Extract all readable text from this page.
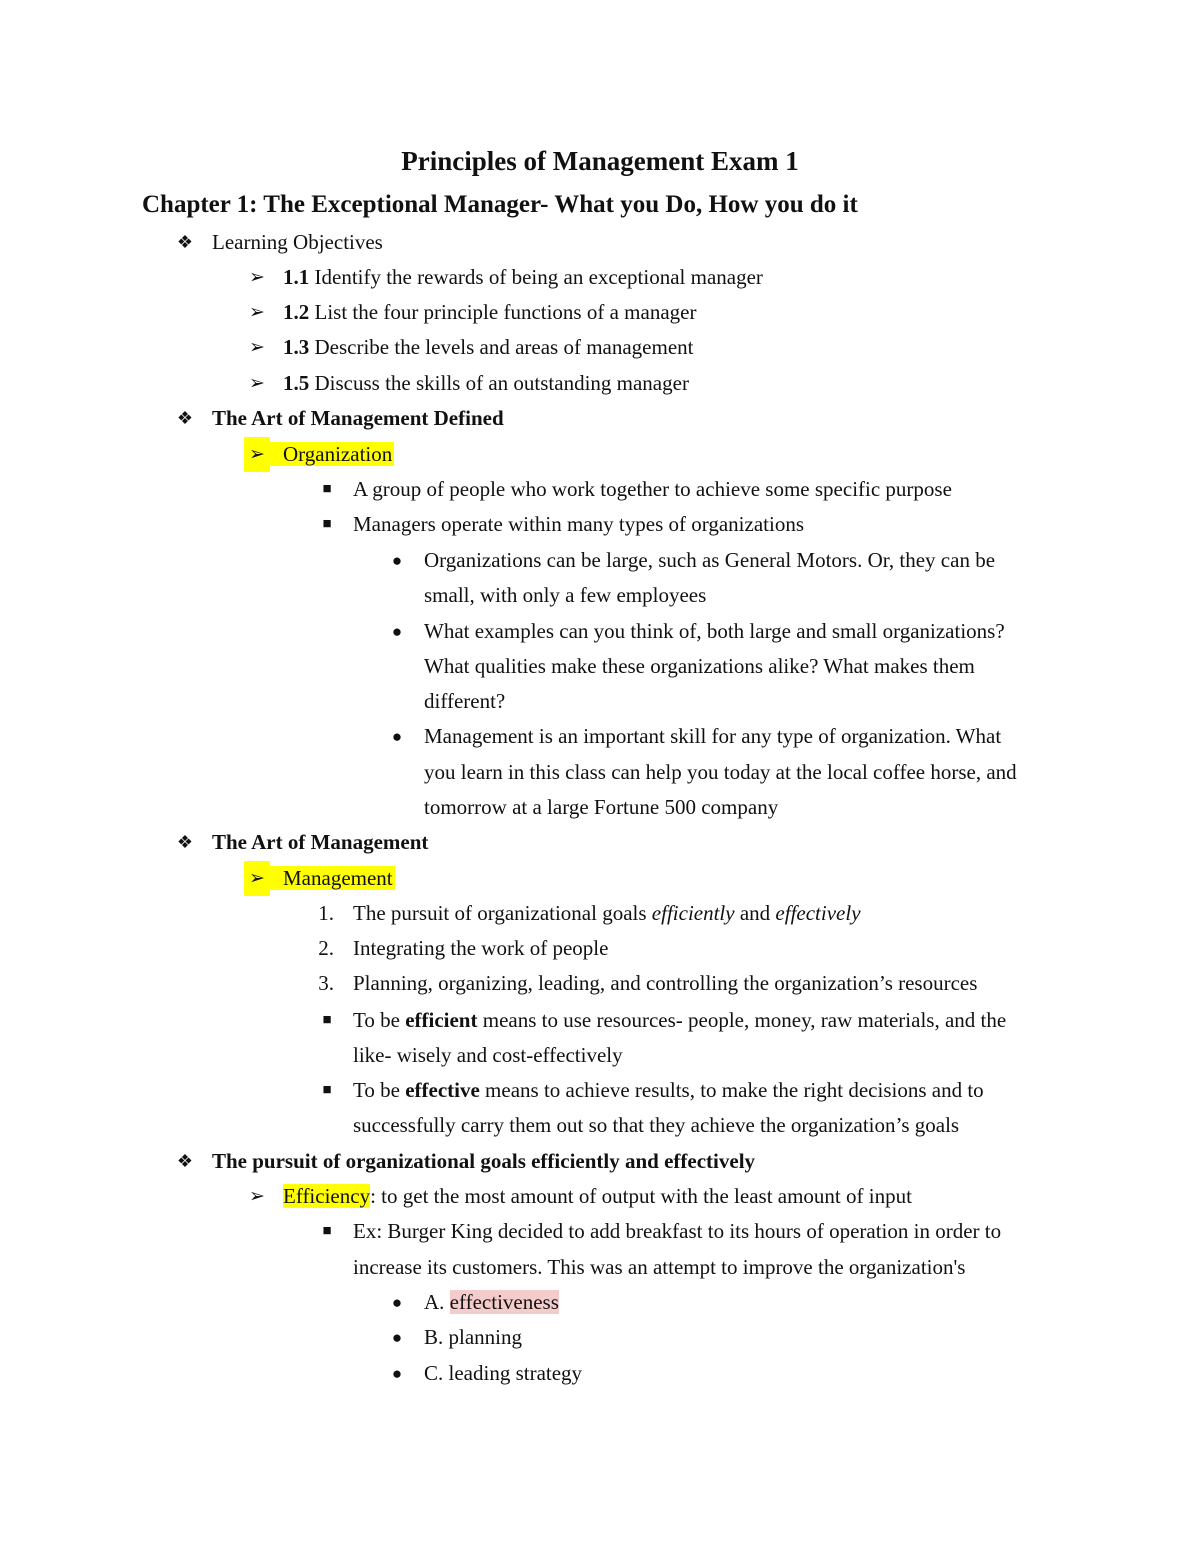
Principles of Management Exam 1
Chapter 1: The Exceptional Manager- What you Do, How you do it
❖ Learning Objectives
➢ 1.1 Identify the rewards of being an exceptional manager
➢ 1.2 List the four principle functions of a manager
➢ 1.3 Describe the levels and areas of management
➢ 1.5 Discuss the skills of an outstanding manager
❖ The Art of Management Defined
➢ Organization
■	A group of people who work together to achieve some specific purpose
■	Managers operate within many types of organizations
●	Organizations can be large, such as General Motors. Or, they can be
small, with only a few employees
●	What examples can you think of, both large and small organizations?
What qualities make these organizations alike? What makes them
different?
●	Management is an important skill for any type of organization. What
you learn in this class can help you today at the local coffee horse, and
tomorrow at a large Fortune 500 company
❖ The Art of Management
➢ Management
1. The pursuit of organizational goals efficiently and effectively
2. Integrating the work of people
3. Planning, organizing, leading, and controlling the organization’s resources
■	To be efficient means to use resources- people, money, raw materials, and the
like- wisely and cost-effectively
■	To be effective means to achieve results, to make the right decisions and to
successfully carry them out so that they achieve the organization’s goals
❖ The pursuit of organizational goals efficiently and effectively
➢ Efficiency: to get the most amount of output with the least amount of input
■	Ex: Burger King decided to add breakfast to its hours of operation in order to
increase its customers. This was an attempt to improve the organization's
●	A. effectiveness
●	B. planning
●	C. leading strategy
